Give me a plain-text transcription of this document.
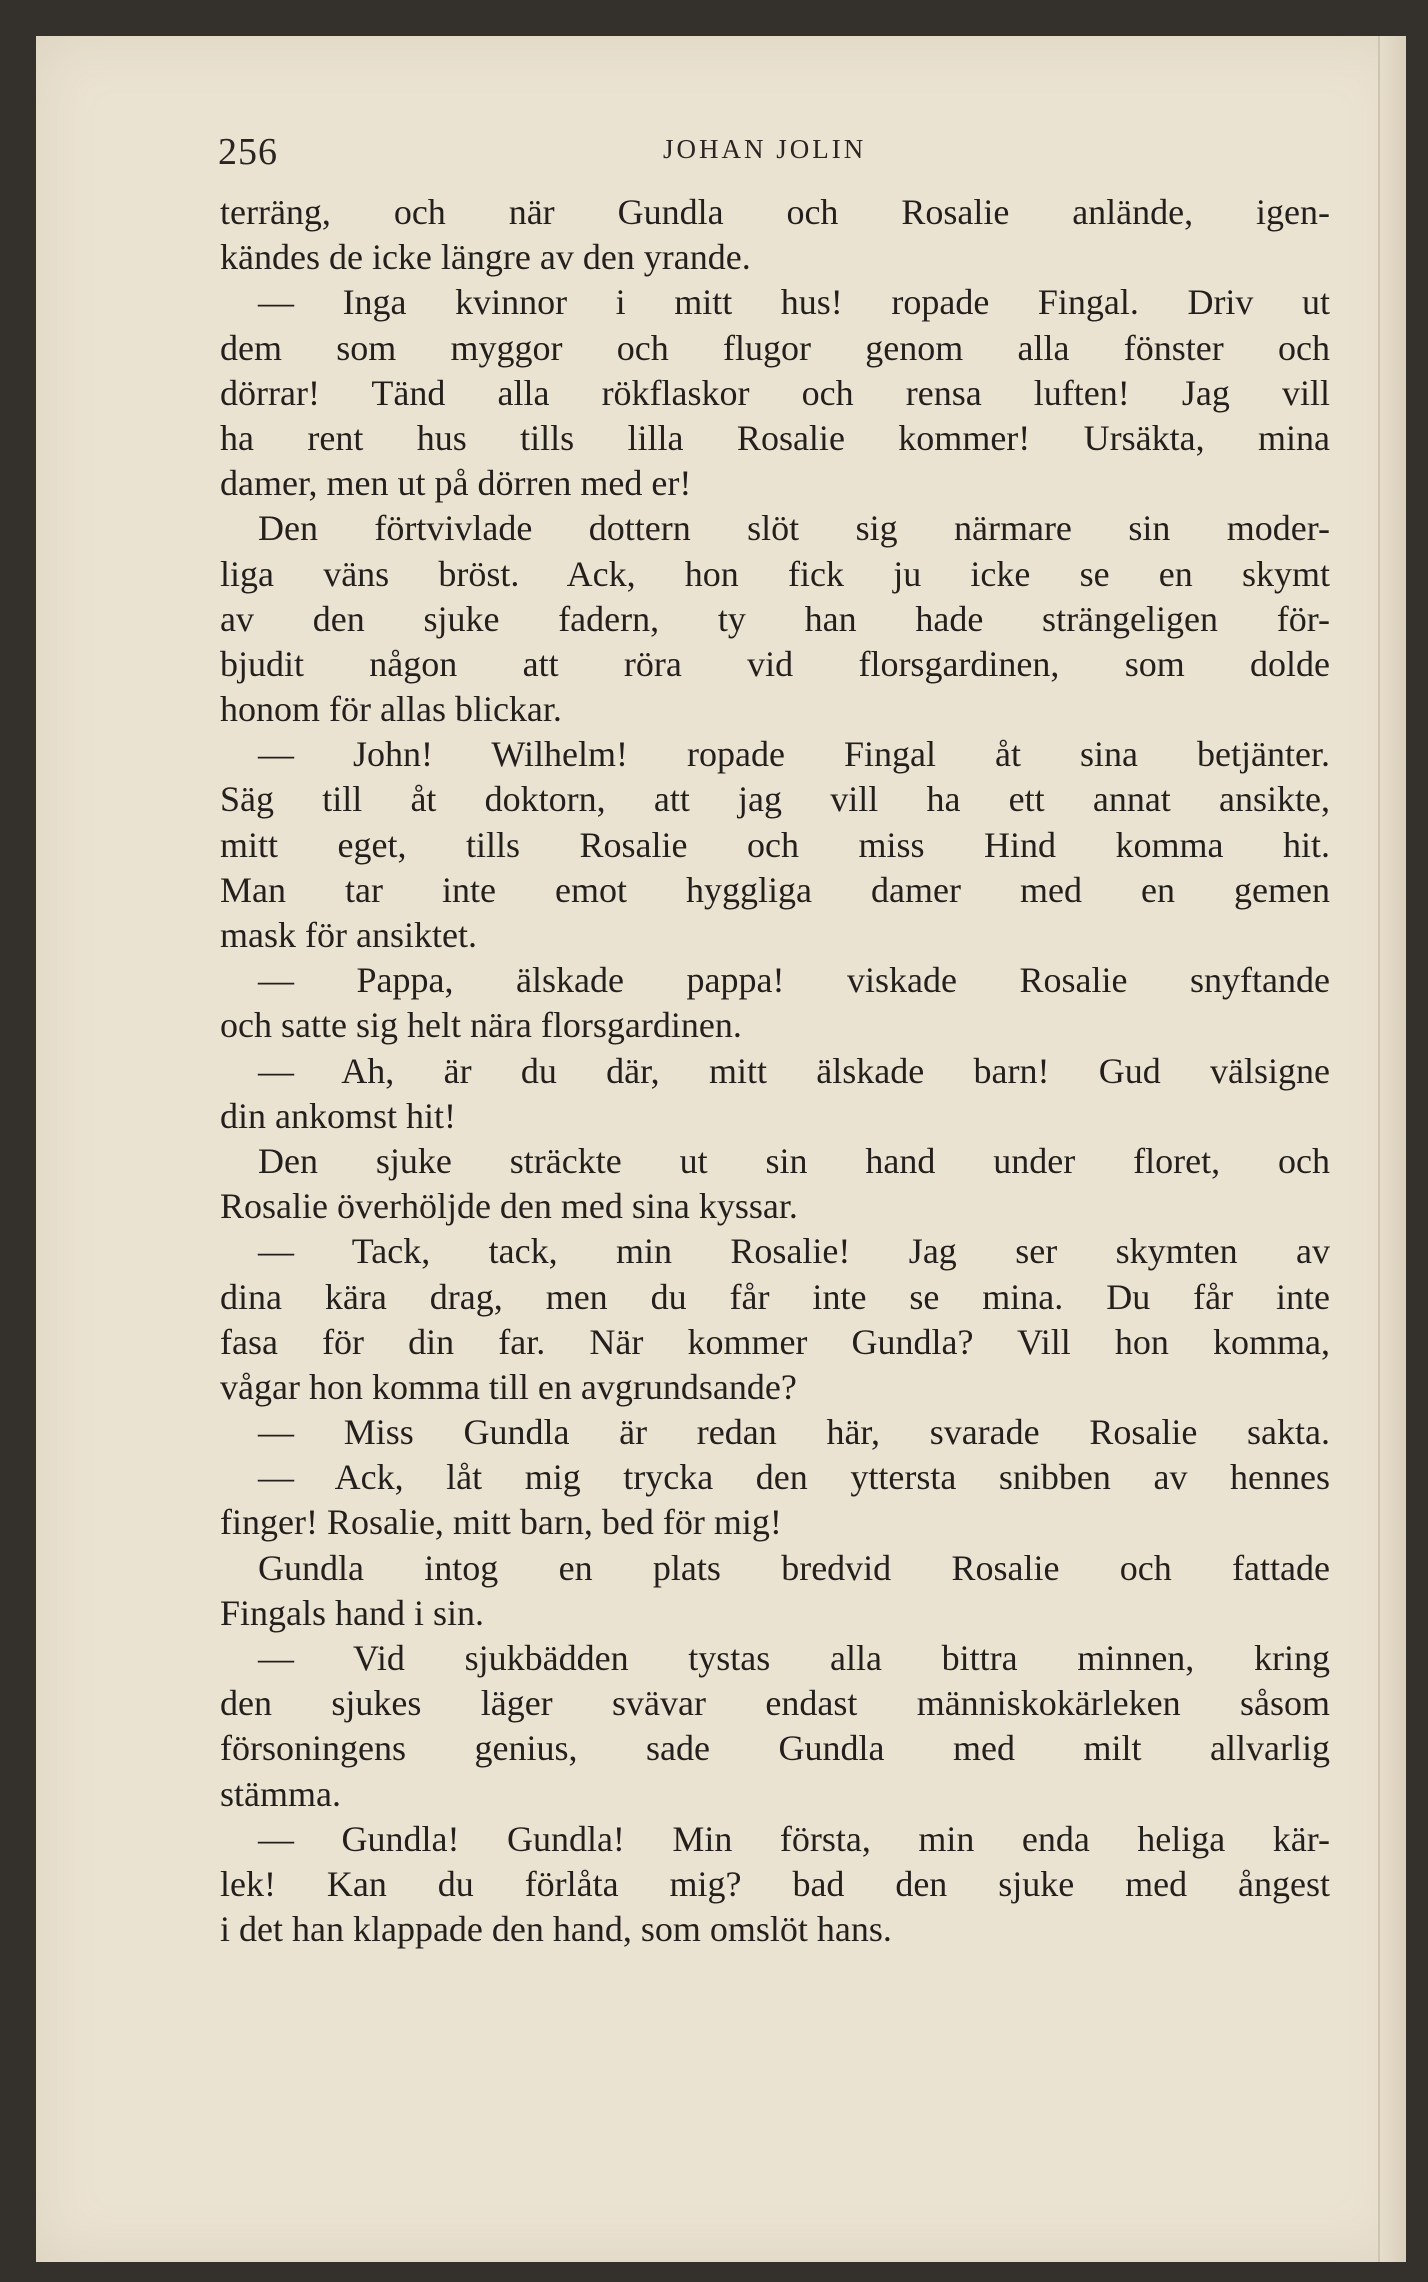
256	JOHAN JOLIN
terräng, och när Gundla och Rosalie anlände, igen-
kändes de icke längre av den yrande.
— Inga kvinnor i mitt hus! ropade Fingal. Driv ut
dem som myggor och flugor genom alla fönster och
dörrar! Tänd alla rökflaskor och rensa luften! Jag vill
ha rent hus tills lilla Rosalie kommer! Ursäkta, mina
damer, men ut på dörren med er!
Den förtvivlade dottern slöt sig närmare sin moder-
liga väns bröst. Ack, hon fick ju icke se en skymt
av den sjuke fadern, ty han hade strängeligen för-
bjudit någon att röra vid florsgardinen, som dolde
honom för allas blickar.
— John! Wilhelm! ropade Fingal åt sina betjänter.
Säg till åt doktorn, att jag vill ha ett annat ansikte,
mitt eget, tills Rosalie och miss Hind komma hit.
Man tar inte emot hyggliga damer med en gemen
mask för ansiktet.
— Pappa, älskade pappa! viskade Rosalie snyftande
och satte sig helt nära florsgardinen.
— Ah, är du där, mitt älskade barn! Gud välsigne
din ankomst hit!
Den sjuke sträckte ut sin hand under floret, och
Rosalie överhöljde den med sina kyssar.
— Tack, tack, min Rosalie! Jag ser skymten av
dina kära drag, men du får inte se mina. Du får inte
fasa för din far. När kommer Gundla? Vill hon komma,
vågar hon komma till en avgrundsande?
— Miss Gundla är redan här, svarade Rosalie sakta.
— Ack, låt mig trycka den yttersta snibben av hennes
finger! Rosalie, mitt barn, bed för mig!
Gundla intog en plats bredvid Rosalie och fattade
Fingals hand i sin.
— Vid sjukbädden tystas alla bittra minnen, kring
den sjukes läger svävar endast människokärleken såsom
försoningens genius, sade Gundla med milt allvarlig
stämma.
— Gundla! Gundla! Min första, min enda heliga kär-
lek! Kan du förlåta mig? bad den sjuke med ångest
i det han klappade den hand, som omslöt hans.
